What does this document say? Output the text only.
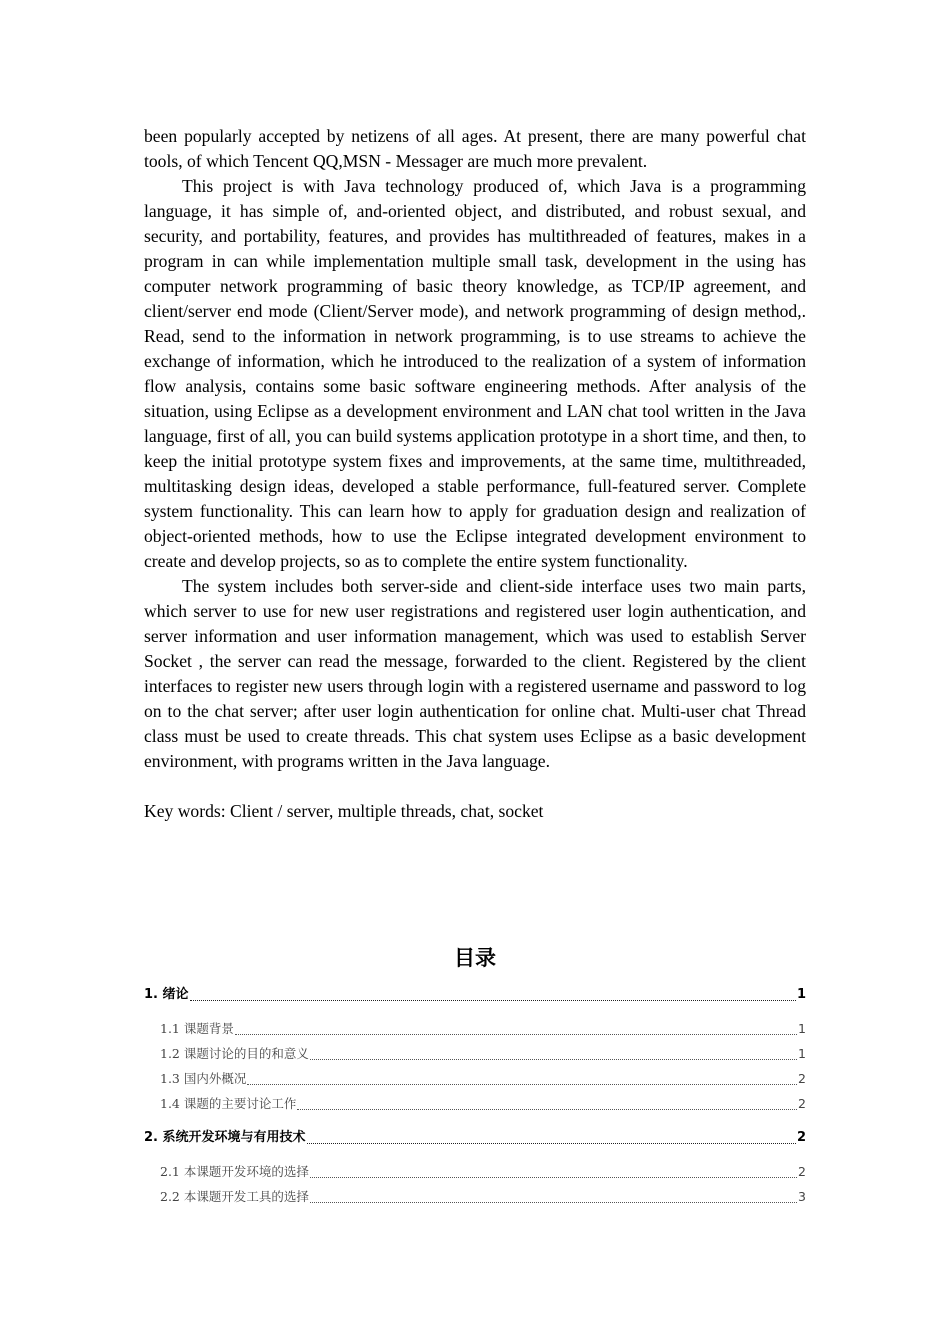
been popularly accepted by netizens of all ages. At present, there are many powerful chat tools, of which Tencent QQ,MSN - Messager are much more prevalent.

This project is with Java technology produced of, which Java is a programming language, it has simple of, and-oriented object, and distributed, and robust sexual, and security, and portability, features, and provides has multithreaded of features, makes in a program in can while implementation multiple small task, development in the using has computer network programming of basic theory knowledge, as TCP/IP agreement, and client/server end mode (Client/Server mode), and network programming of design method,. Read, send to the information in network programming, is to use streams to achieve the exchange of information, which he introduced to the realization of a system of information flow analysis, contains some basic software engineering methods. After analysis of the situation, using Eclipse as a development environment and LAN chat tool written in the Java language, first of all, you can build systems application prototype in a short time, and then, to keep the initial prototype system fixes and improvements, at the same time, multithreaded, multitasking design ideas, developed a stable performance, full-featured server. Complete system functionality. This can learn how to apply for graduation design and realization of object-oriented methods, how to use the Eclipse integrated development environment to create and develop projects, so as to complete the entire system functionality.

The system includes both server-side and client-side interface uses two main parts, which server to use for new user registrations and registered user login authentication, and server information and user information management, which was used to establish Server Socket , the server can read the message, forwarded to the client. Registered by the client interfaces to register new users through login with a registered username and password to log on to the chat server; after user login authentication for online chat. Multi-user chat Thread class must be used to create threads. This chat system uses Eclipse as a basic development environment, with programs written in the Java language.

Key words: Client / server, multiple threads, chat, socket

目录
1. 绪论	1
1.1 课题背景	1
1.2 课题讨论的目的和意义	1
1.3 国内外概况	2
1.4 课题的主要讨论工作	2
2. 系统开发环境与有用技术	2
2.1 本课题开发环境的选择	2
2.2 本课题开发工具的选择	3
